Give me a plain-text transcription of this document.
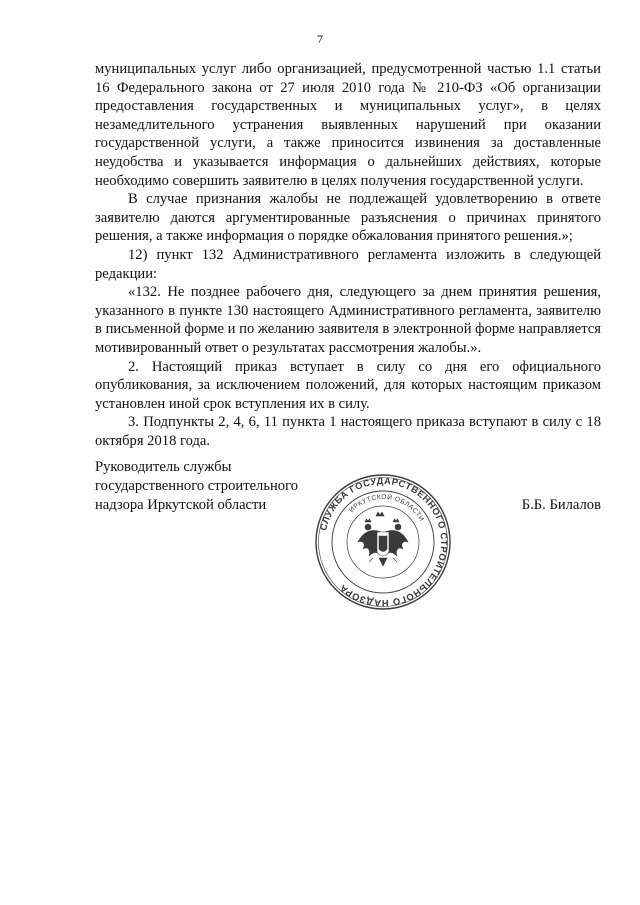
7

муниципальных услуг либо организацией, предусмотренной частью 1.1 статьи 16 Федерального закона от 27 июля 2010 года № 210-ФЗ «Об организации предоставления государственных и муниципальных услуг», в целях незамедлительного устранения выявленных нарушений при оказании государственной услуги, а также приносится извинения за доставленные неудобства и указывается информация о дальнейших действиях, которые необходимо совершить заявителю в целях получения государственной услуги.

В случае признания жалобы не подлежащей удовлетворению в ответе заявителю даются аргументированные разъяснения о причинах принятого решения, а также информация о порядке обжалования принятого решения.»;

12) пункт 132 Административного регламента изложить в следующей редакции:

«132. Не позднее рабочего дня, следующего за днем принятия решения, указанного в пункте 130 настоящего Административного регламента, заявителю в письменной форме и по желанию заявителя в электронной форме направляется мотивированный ответ о результатах рассмотрения жалобы.».

2. Настоящий приказ вступает в силу со дня его официального опубликования, за исключением положений, для которых настоящим приказом установлен иной срок вступления их в силу.

3. Подпункты 2, 4, 6, 11 пункта 1 настоящего приказа вступают в силу с 18 октября 2018 года.

Руководитель службы
государственного строительного
надзора Иркутской области	Б.Б. Билалов
СЛУЖБА ГОСУДАРСТВЕННОГО СТРОИТЕЛЬНОГО НАДЗОРА
ИРКУТСКОЙ ОБЛАСТИ
